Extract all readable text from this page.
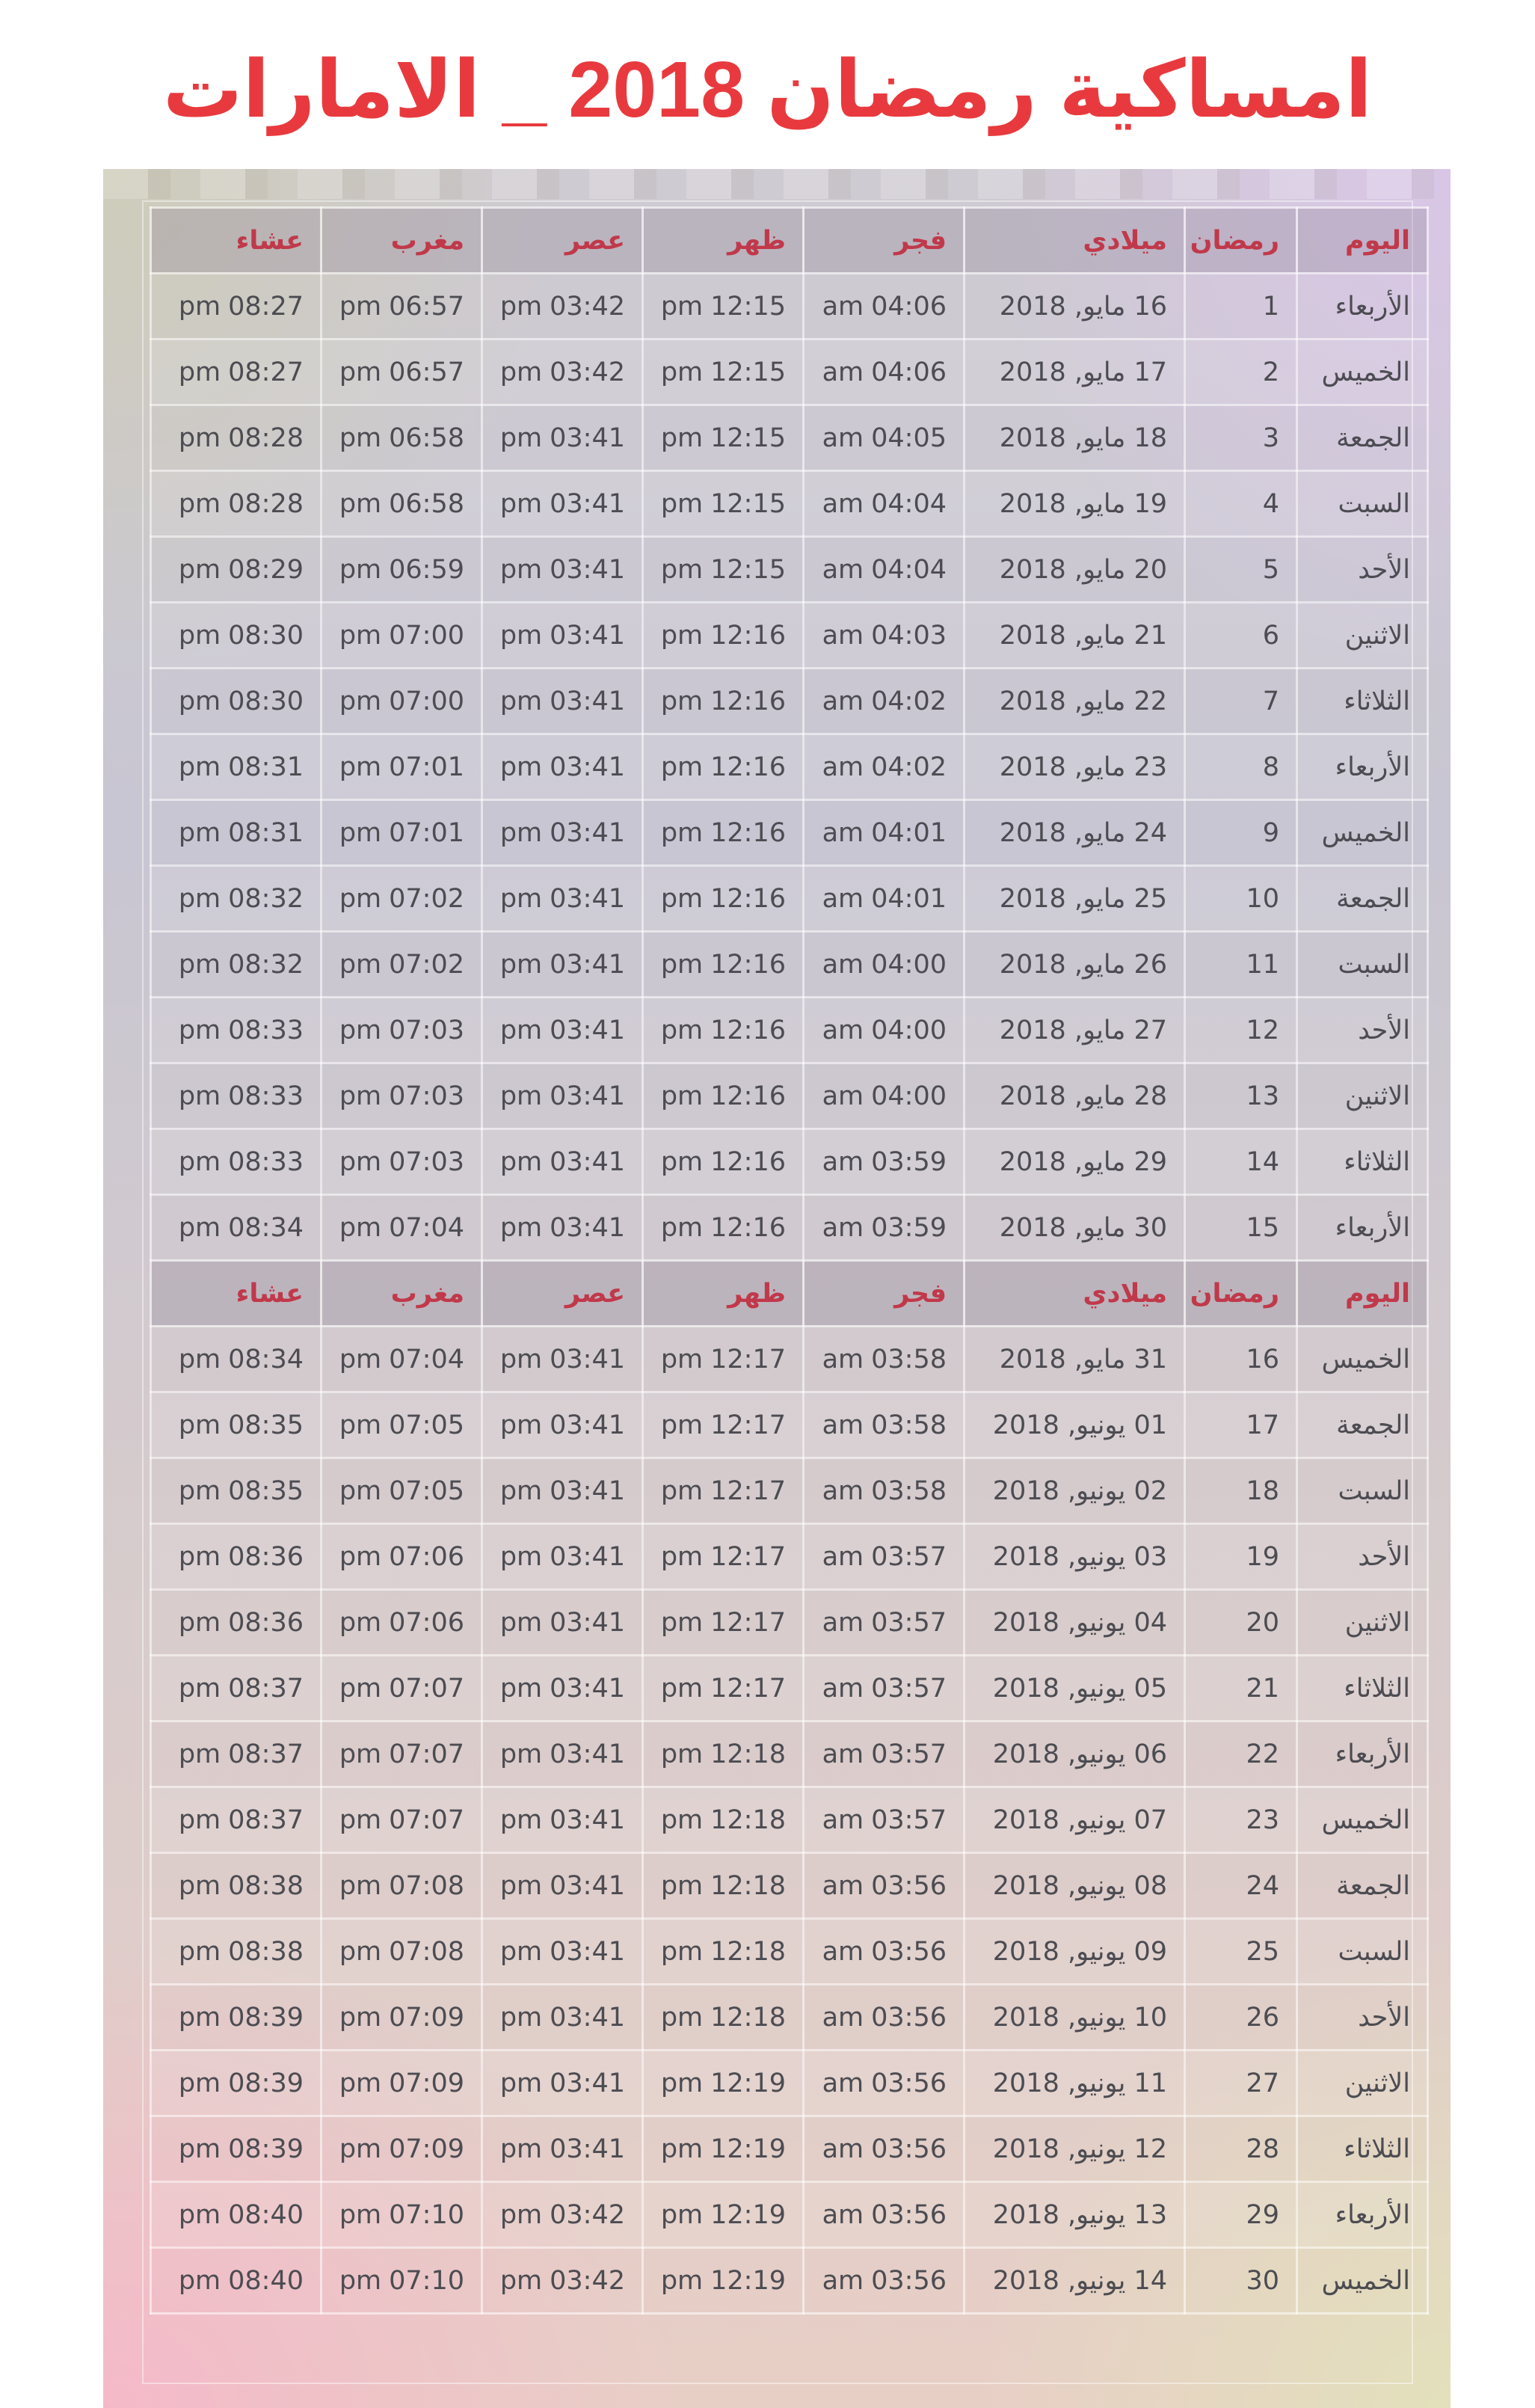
امساكية رمضان 2018 _ الامارات
اليوم	رمضان	ميلادي	فجر	ظهر	عصر	مغرب	عشاء
الأربعاء	1	16 مايو, 2018	am 04:06	pm 12:15	pm 03:42	pm 06:57	pm 08:27
الخميس	2	17 مايو, 2018	am 04:06	pm 12:15	pm 03:42	pm 06:57	pm 08:27
الجمعة	3	18 مايو, 2018	am 04:05	pm 12:15	pm 03:41	pm 06:58	pm 08:28
السبت	4	19 مايو, 2018	am 04:04	pm 12:15	pm 03:41	pm 06:58	pm 08:28
الأحد	5	20 مايو, 2018	am 04:04	pm 12:15	pm 03:41	pm 06:59	pm 08:29
الاثنين	6	21 مايو, 2018	am 04:03	pm 12:16	pm 03:41	pm 07:00	pm 08:30
الثلاثاء	7	22 مايو, 2018	am 04:02	pm 12:16	pm 03:41	pm 07:00	pm 08:30
الأربعاء	8	23 مايو, 2018	am 04:02	pm 12:16	pm 03:41	pm 07:01	pm 08:31
الخميس	9	24 مايو, 2018	am 04:01	pm 12:16	pm 03:41	pm 07:01	pm 08:31
الجمعة	10	25 مايو, 2018	am 04:01	pm 12:16	pm 03:41	pm 07:02	pm 08:32
السبت	11	26 مايو, 2018	am 04:00	pm 12:16	pm 03:41	pm 07:02	pm 08:32
الأحد	12	27 مايو, 2018	am 04:00	pm 12:16	pm 03:41	pm 07:03	pm 08:33
الاثنين	13	28 مايو, 2018	am 04:00	pm 12:16	pm 03:41	pm 07:03	pm 08:33
الثلاثاء	14	29 مايو, 2018	am 03:59	pm 12:16	pm 03:41	pm 07:03	pm 08:33
الأربعاء	15	30 مايو, 2018	am 03:59	pm 12:16	pm 03:41	pm 07:04	pm 08:34
اليوم	رمضان	ميلادي	فجر	ظهر	عصر	مغرب	عشاء
الخميس	16	31 مايو, 2018	am 03:58	pm 12:17	pm 03:41	pm 07:04	pm 08:34
الجمعة	17	01 يونيو, 2018	am 03:58	pm 12:17	pm 03:41	pm 07:05	pm 08:35
السبت	18	02 يونيو, 2018	am 03:58	pm 12:17	pm 03:41	pm 07:05	pm 08:35
الأحد	19	03 يونيو, 2018	am 03:57	pm 12:17	pm 03:41	pm 07:06	pm 08:36
الاثنين	20	04 يونيو, 2018	am 03:57	pm 12:17	pm 03:41	pm 07:06	pm 08:36
الثلاثاء	21	05 يونيو, 2018	am 03:57	pm 12:17	pm 03:41	pm 07:07	pm 08:37
الأربعاء	22	06 يونيو, 2018	am 03:57	pm 12:18	pm 03:41	pm 07:07	pm 08:37
الخميس	23	07 يونيو, 2018	am 03:57	pm 12:18	pm 03:41	pm 07:07	pm 08:37
الجمعة	24	08 يونيو, 2018	am 03:56	pm 12:18	pm 03:41	pm 07:08	pm 08:38
السبت	25	09 يونيو, 2018	am 03:56	pm 12:18	pm 03:41	pm 07:08	pm 08:38
الأحد	26	10 يونيو, 2018	am 03:56	pm 12:18	pm 03:41	pm 07:09	pm 08:39
الاثنين	27	11 يونيو, 2018	am 03:56	pm 12:19	pm 03:41	pm 07:09	pm 08:39
الثلاثاء	28	12 يونيو, 2018	am 03:56	pm 12:19	pm 03:41	pm 07:09	pm 08:39
الأربعاء	29	13 يونيو, 2018	am 03:56	pm 12:19	pm 03:42	pm 07:10	pm 08:40
الخميس	30	14 يونيو, 2018	am 03:56	pm 12:19	pm 03:42	pm 07:10	pm 08:40
